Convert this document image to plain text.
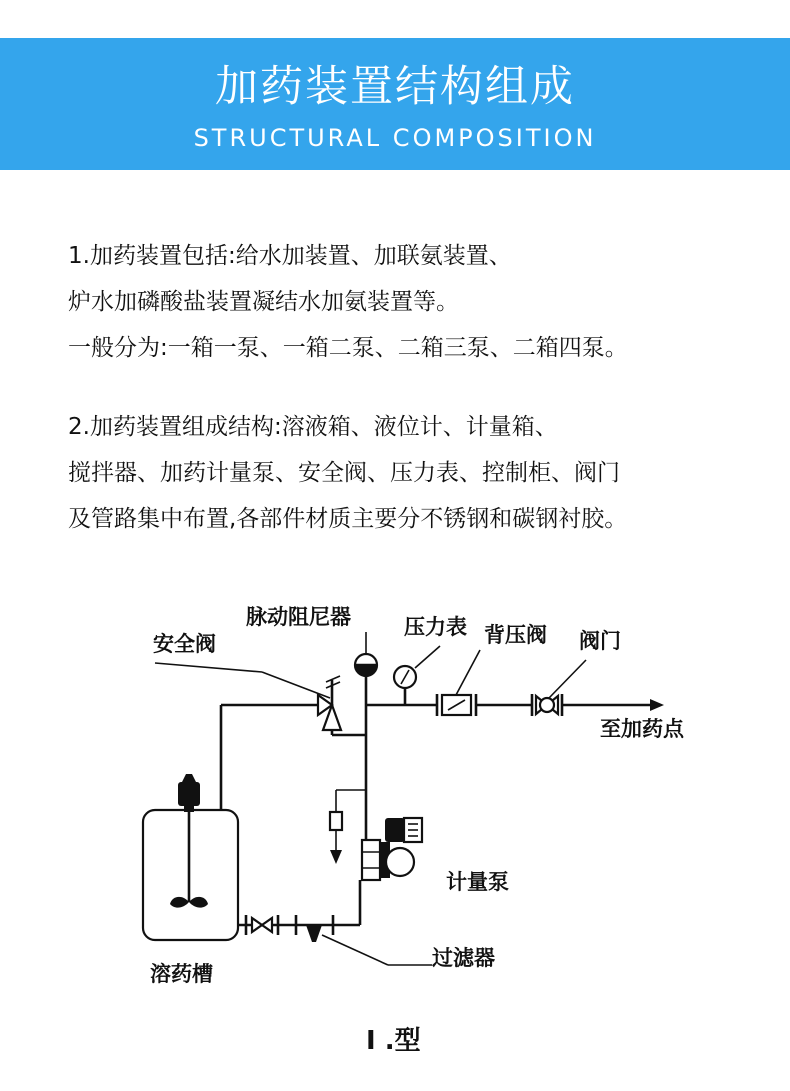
加药装置结构组成
STRUCTURAL COMPOSITION
1.加药装置包括:给水加装置、加联氨装置、
炉水加磷酸盐装置凝结水加氨装置等。
一般分为:一箱一泵、一箱二泵、二箱三泵、二箱四泵。
2.加药装置组成结构:溶液箱、液位计、计量箱、
搅拌器、加药计量泵、安全阀、压力表、控制柜、阀门
及管路集中布置,各部件材质主要分不锈钢和碳钢衬胶。
安全阀
脉动阻尼器	压力表 背压阀 阀门
至加药点
计量泵
过滤器
溶药槽
I .型
